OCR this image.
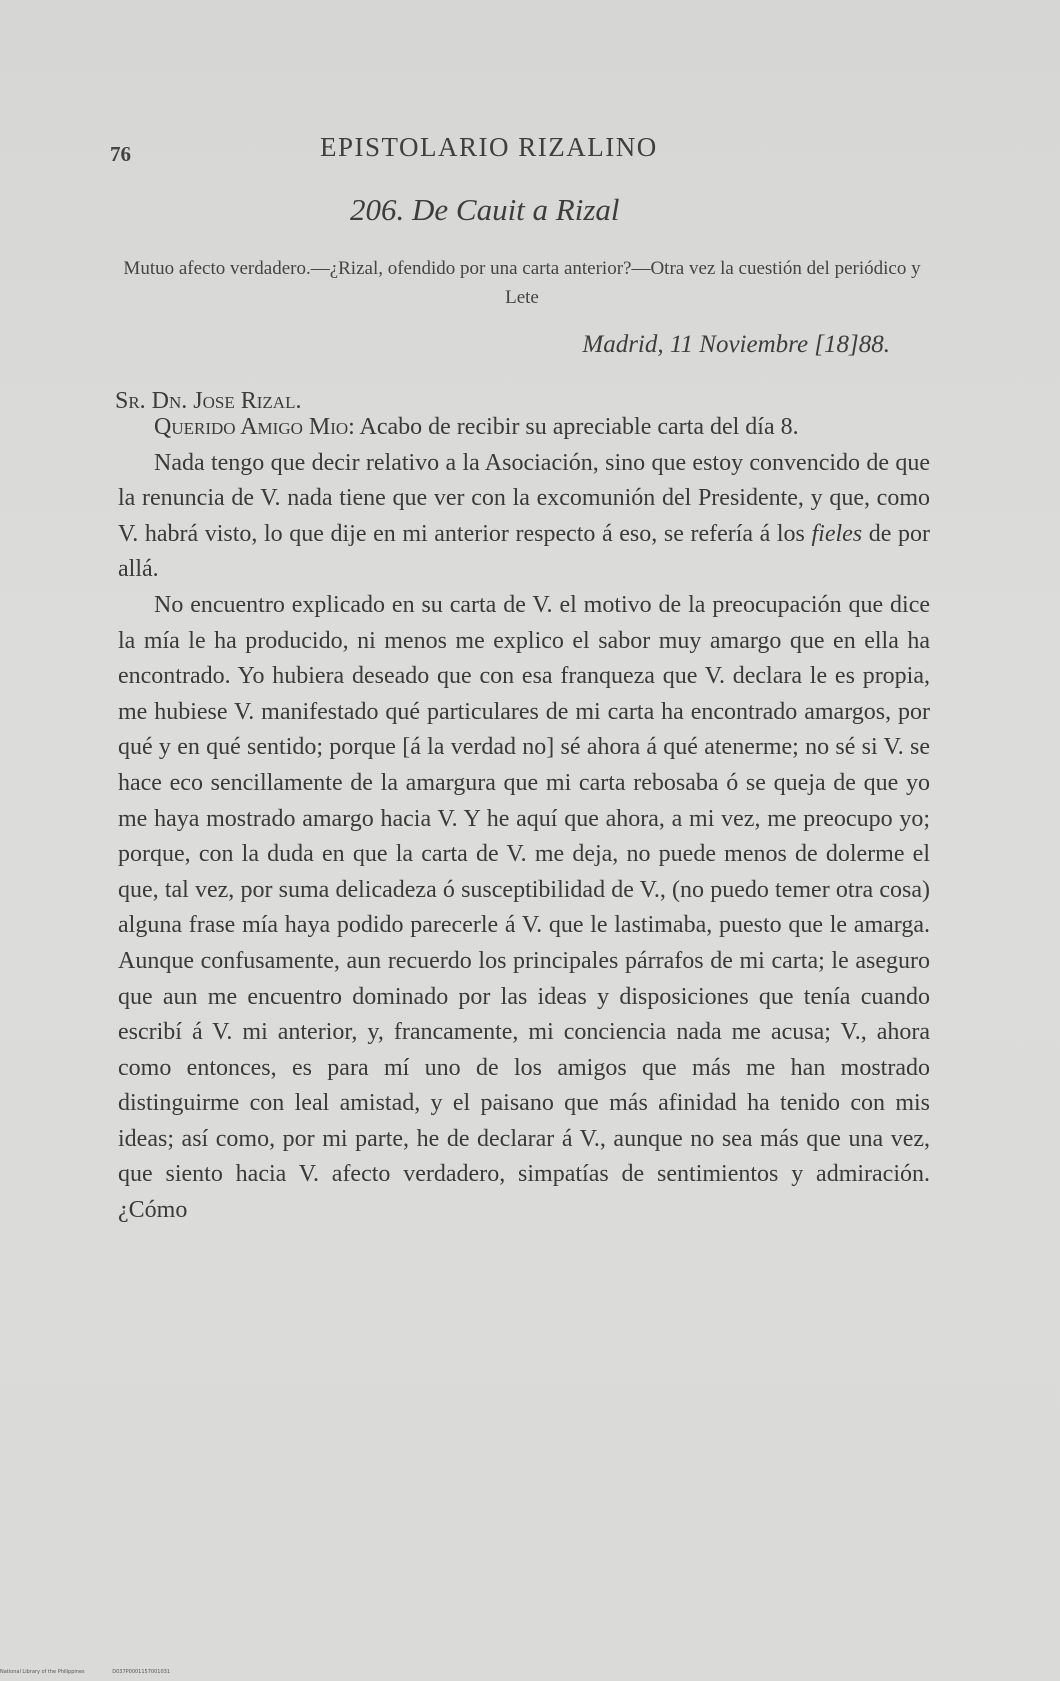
76	EPISTOLARIO RIZALINO
206. De Cauit a Rizal
Mutuo afecto verdadero.—¿Rizal, ofendido por una carta anterior?—Otra vez la cuestión del periódico y Lete
Madrid, 11 Noviembre [18]88.
Sr. Dn. Jose Rizal.

Querido Amigo Mio: Acabo de recibir su apreciable carta del día 8.

Nada tengo que decir relativo a la Asociación, sino que estoy convencido de que la renuncia de V. nada tiene que ver con la excomunión del Presidente, y que, como V. habrá visto, lo que dije en mi anterior respecto á eso, se refería á los fieles de por allá.

No encuentro explicado en su carta de V. el motivo de la preocupación que dice la mía le ha producido, ni menos me explico el sabor muy amargo que en ella ha encontrado. Yo hubiera deseado que con esa franqueza que V. declara le es propia, me hubiese V. manifestado qué particulares de mi carta ha encontrado amargos, por qué y en qué sentido; porque [á la verdad no] sé ahora á qué atenerme; no sé si V. se hace eco sencillamente de la amargura que mi carta rebosaba ó se queja de que yo me haya mostrado amargo hacia V. Y he aquí que ahora, a mi vez, me preocupo yo; porque, con la duda en que la carta de V. me deja, no puede menos de dolerme el que, tal vez, por suma delicadeza ó susceptibilidad de V., (no puedo temer otra cosa) alguna frase mía haya podido parecerle á V. que le lastimaba, puesto que le amarga. Aunque confusamente, aun recuerdo los principales párrafos de mi carta; le aseguro que aun me encuentro dominado por las ideas y disposiciones que tenía cuando escribí á V. mi anterior, y, francamente, mi conciencia nada me acusa; V., ahora como entonces, es para mí uno de los amigos que más me han mostrado distinguirme con leal amistad, y el paisano que más afinidad ha tenido con mis ideas; así como, por mi parte, he de declarar á V., aunque no sea más que una vez, que siento hacia V. afecto verdadero, simpatías de sentimientos y admiración. ¿Cómo

National Library of the Philippines	D037P0001157001031
